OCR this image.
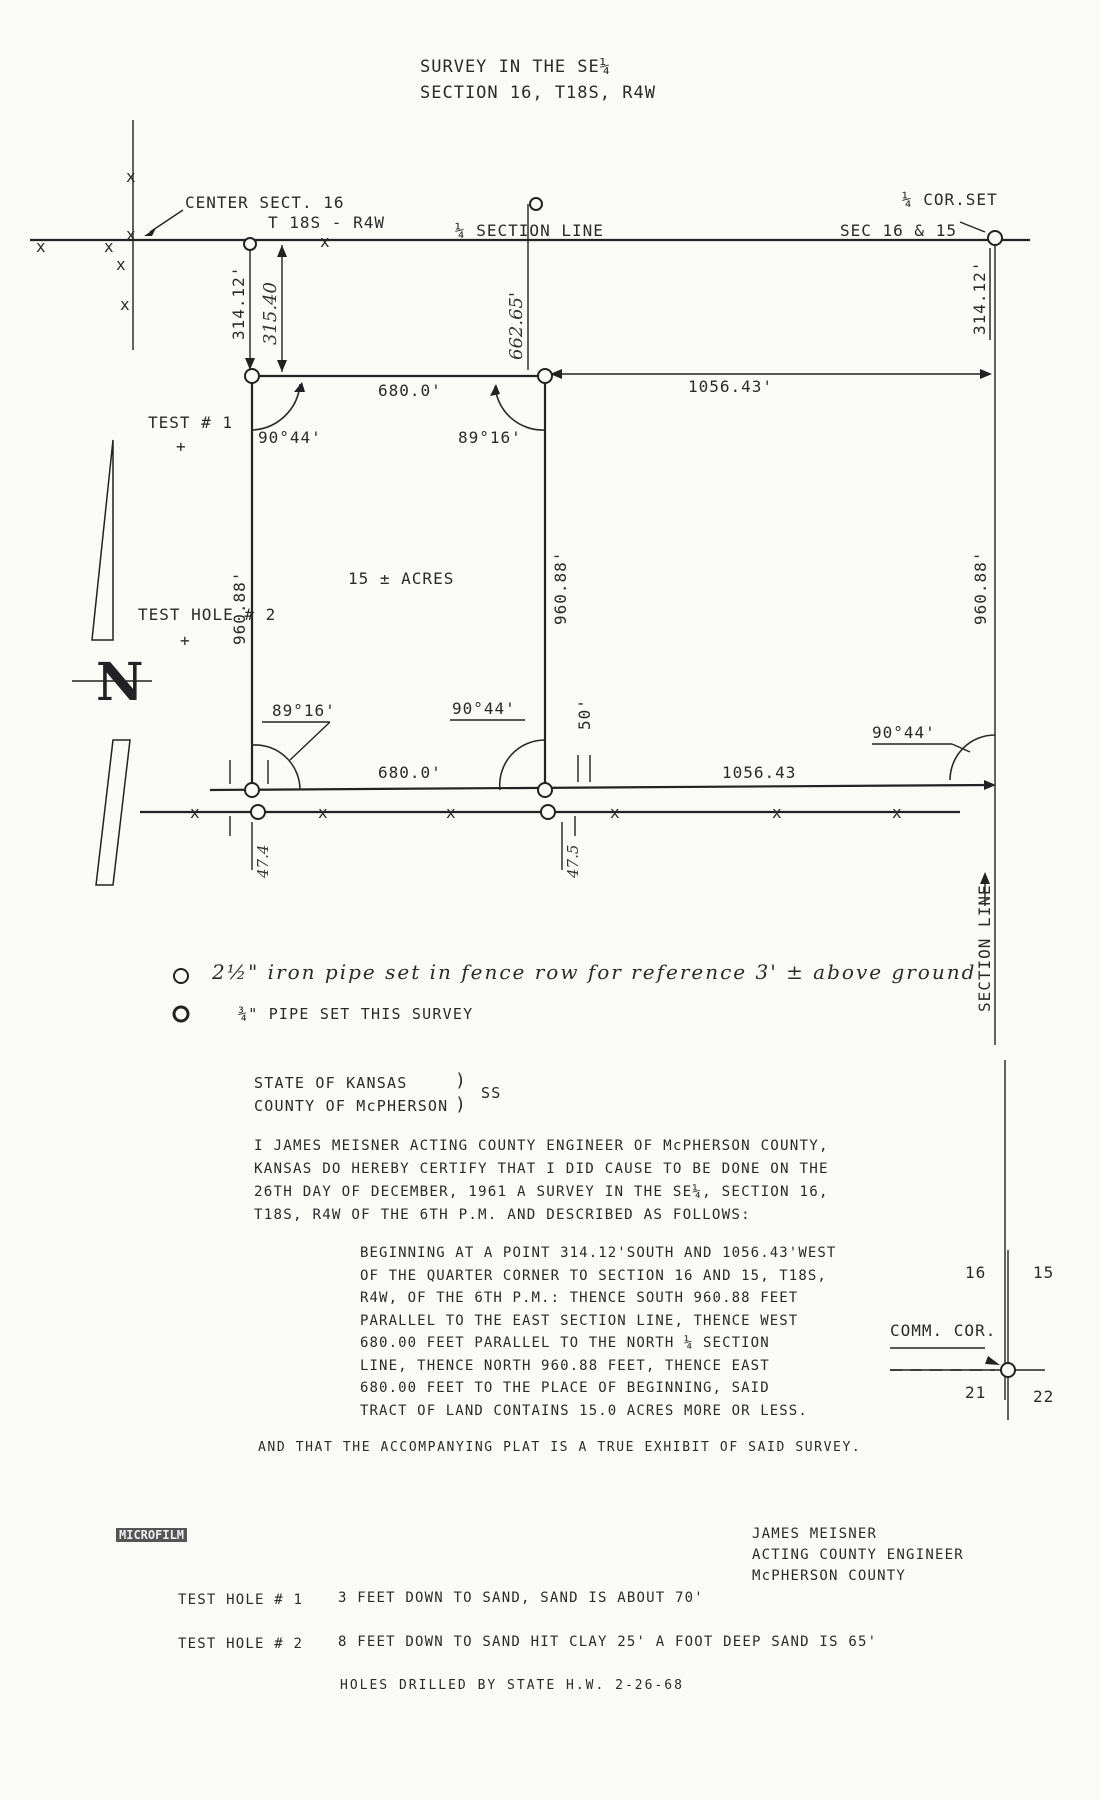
SURVEY IN THE SE¼
SECTION 16, T18S, R4W
x
x	x
x
x
x
x
CENTER SECT. 16
T 18S - R4W	¼ SECTION LINE
¼ COR.SET
SEC 16 & 15
314.12' 315.40	662.65'	314.12'
680.0'	1056.43'
90°44'	89°16'
TEST # 1
+
TEST HOLE # 2
+
15 ± ACRES
960.88'	960.88'	960.88'
N	89°16'	90°44'
90°44'
50'
680.0'	1056.43
x	x	x	x	x	x
47.4	47.5
SECTION LINE
16	15
21	22
COMM. COR.
2½" iron pipe set in fence row for reference 3' ± above ground
¾" PIPE SET THIS SURVEY
STATE OF KANSAS
COUNTY OF McPHERSON
SS
)
)
I JAMES MEISNER ACTING COUNTY ENGINEER OF McPHERSON COUNTY,
KANSAS DO HEREBY CERTIFY THAT I DID CAUSE TO BE DONE ON THE
26TH DAY OF DECEMBER, 1961 A SURVEY IN THE SE¼, SECTION 16,
T18S, R4W OF THE 6TH P.M. AND DESCRIBED AS FOLLOWS:
BEGINNING AT A POINT 314.12'SOUTH AND 1056.43'WEST
OF THE QUARTER CORNER TO SECTION 16 AND 15, T18S,
R4W, OF THE 6TH P.M.: THENCE SOUTH 960.88 FEET
PARALLEL TO THE EAST SECTION LINE, THENCE WEST
680.00 FEET PARALLEL TO THE NORTH ¼ SECTION
LINE, THENCE NORTH 960.88 FEET, THENCE EAST
680.00 FEET TO THE PLACE OF BEGINNING, SAID
TRACT OF LAND CONTAINS 15.0 ACRES MORE OR LESS.
AND THAT THE ACCOMPANYING PLAT IS A TRUE EXHIBIT OF SAID SURVEY.
MICROFILM	JAMES MEISNER
ACTING COUNTY ENGINEER
McPHERSON COUNTY
TEST HOLE # 1 3 FEET DOWN TO SAND, SAND IS ABOUT 70'
TEST HOLE # 2 8 FEET DOWN TO SAND HIT CLAY 25' A FOOT DEEP SAND IS 65'
HOLES DRILLED BY STATE H.W. 2-26-68
